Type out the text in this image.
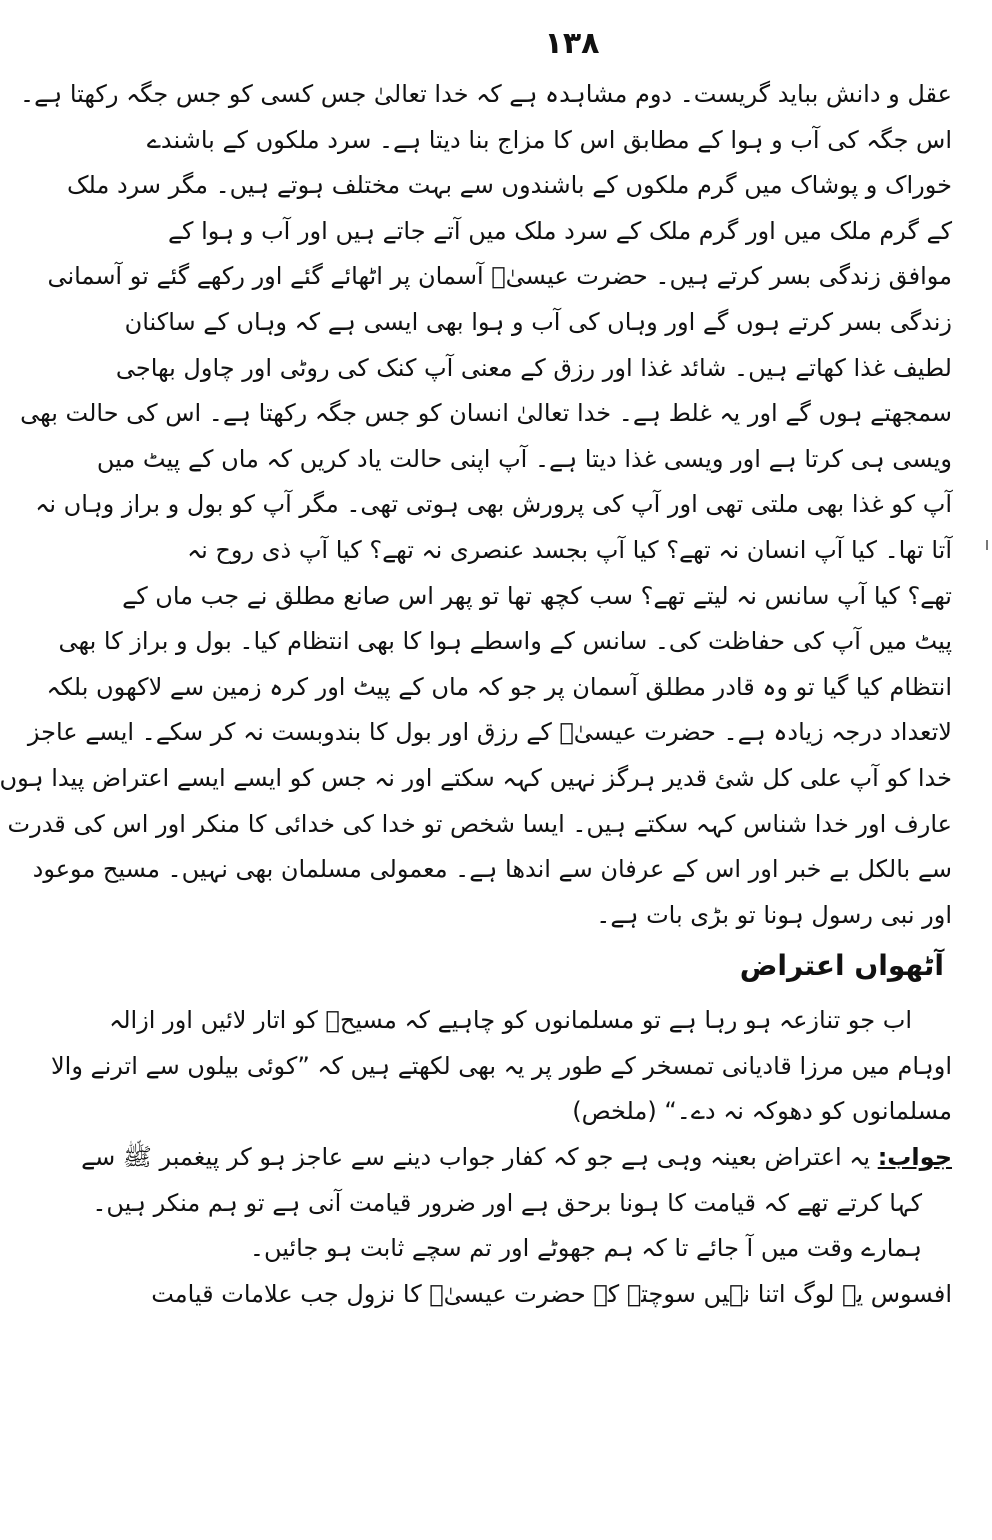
۱۳۸
عقل و دانش بباید گریست۔ دوم مشاہدہ ہے کہ خدا تعالیٰ جس کسی کو جس جگہ رکھتا ہے۔
اس جگہ کی آب و ہوا کے مطابق اس کا مزاج بنا دیتا ہے۔ سرد ملکوں کے باشندے
خوراک و پوشاک میں گرم ملکوں کے باشندوں سے بہت مختلف ہوتے ہیں۔ مگر سرد ملک
کے گرم ملک میں اور گرم ملک کے سرد ملک میں آتے جاتے ہیں اور آب و ہوا کے
موافق زندگی بسر کرتے ہیں۔ حضرت عیسیٰؑ آسمان پر اٹھائے گئے اور رکھے گئے تو آسمانی
زندگی بسر کرتے ہوں گے اور وہاں کی آب و ہوا بھی ایسی ہے کہ وہاں کے ساکنان
لطیف غذا کھاتے ہیں۔ شائد غذا اور رزق کے معنی آپ کنک کی روٹی اور چاول بھاجی
سمجھتے ہوں گے اور یہ غلط ہے۔ خدا تعالیٰ انسان کو جس جگہ رکھتا ہے۔ اس کی حالت بھی
ویسی ہی کرتا ہے اور ویسی غذا دیتا ہے۔ آپ اپنی حالت یاد کریں کہ ماں کے پیٹ میں
آپ کو غذا بھی ملتی تھی اور آپ کی پرورش بھی ہوتی تھی۔ مگر آپ کو بول و براز وہاں نہ
آتا تھا۔ کیا آپ انسان نہ تھے؟ کیا آپ بجسد عنصری نہ تھے؟ کیا آپ ذی روح نہ
تھے؟ کیا آپ سانس نہ لیتے تھے؟ سب کچھ تھا تو پھر اس صانع مطلق نے جب ماں کے
پیٹ میں آپ کی حفاظت کی۔ سانس کے واسطے ہوا کا بھی انتظام کیا۔ بول و براز کا بھی
انتظام کیا گیا تو وہ قادر مطلق آسمان پر جو کہ ماں کے پیٹ اور کرہ زمین سے لاکھوں بلکہ
لاتعداد درجہ زیادہ ہے۔ حضرت عیسیٰؑ کے رزق اور بول کا بندوبست نہ کر سکے۔ ایسے عاجز
خدا کو آپ علی کل شئ قدیر ہرگز نہیں کہہ سکتے اور نہ جس کو ایسے ایسے اعتراض پیدا ہوں
عارف اور خدا شناس کہہ سکتے ہیں۔ ایسا شخص تو خدا کی خدائی کا منکر اور اس کی قدرت
سے بالکل بے خبر اور اس کے عرفان سے اندھا ہے۔ معمولی مسلمان بھی نہیں۔ مسیح موعود
اور نبی رسول ہونا تو بڑی بات ہے۔
آٹھواں اعتراض
اب جو تنازعہ ہو رہا ہے تو مسلمانوں کو چاہیے کہ مسیحؑ کو اتار لائیں اور ازالہ
اوہام میں مرزا قادیانی تمسخر کے طور پر یہ بھی لکھتے ہیں کہ ”کوئی بیلوں سے اترنے والا
مسلمانوں کو دھوکہ نہ دے۔“ (ملخص)
جواب: یہ اعتراض بعینہ وہی ہے جو کہ کفار جواب دینے سے عاجز ہو کر پیغمبر ﷺ سے
کہا کرتے تھے کہ قیامت کا ہونا برحق ہے اور ضرور قیامت آنی ہے تو ہم منکر ہیں۔
ہمارے وقت میں آ جائے تا کہ ہم جھوٹے اور تم سچے ثابت ہو جائیں۔
افسوس یہ لوگ اتنا نہیں سوچتے کہ حضرت عیسیٰؑ کا نزول جب علامات قیامت
